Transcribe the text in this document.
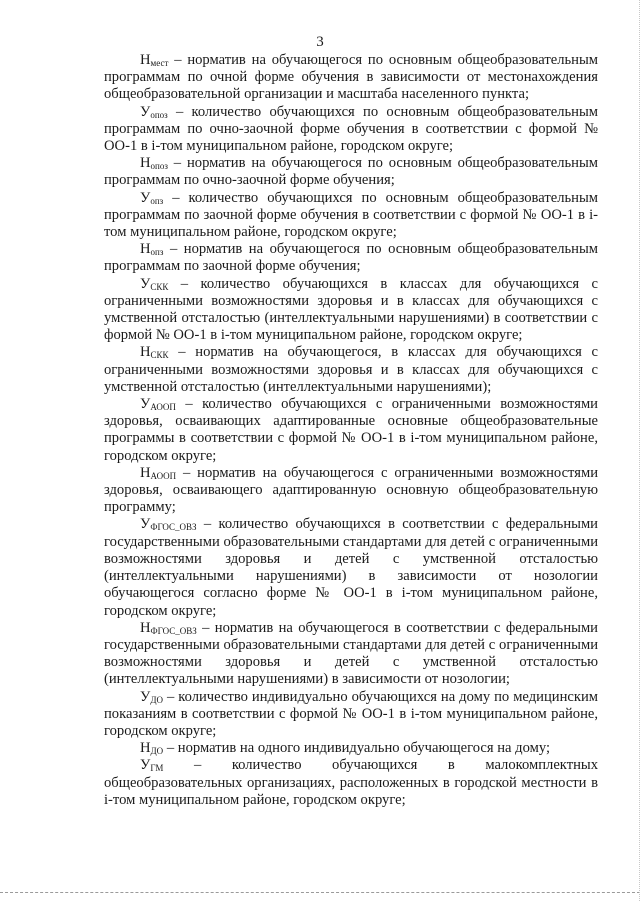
3

$Н_{мест}$ – норматив на обучающегося по основным общеобразовательным программам по очной форме обучения в зависимости от местонахождения общеобразовательной организации и масштаба населенного пункта;

$У_{опоз}$ – количество обучающихся по основным общеобразовательным программам по очно-заочной форме обучения в соответствии с формой № ОО-1 в і-том муниципальном районе, городском округе;

$Н_{опоз}$ – норматив на обучающегося по основным общеобразовательным программам по очно-заочной форме обучения;

$У_{опз}$ – количество обучающихся по основным общеобразовательным программам по заочной форме обучения в соответствии с формой № ОО-1 в і-том муниципальном районе, городском округе;

$Н_{опз}$ – норматив на обучающегося по основным общеобразовательным программам по заочной форме обучения;

$У_{СКК}$ – количество обучающихся в классах для обучающихся с ограниченными возможностями здоровья и в классах для обучающихся с умственной отсталостью (интеллектуальными нарушениями) в соответствии с формой № ОО-1 в і-том муниципальном районе, городском округе;

$Н_{СКК}$ – норматив на обучающегося, в классах для обучающихся с ограниченными возможностями здоровья и в классах для обучающихся с умственной отсталостью (интеллектуальными нарушениями);

$У_{АООП}$ – количество обучающихся с ограниченными возможностями здоровья, осваивающих адаптированные основные общеобразовательные программы в соответствии с формой № ОО-1 в і-том муниципальном районе, городском округе;

$Н_{АООП}$ – норматив на обучающегося с ограниченными возможностями здоровья, осваивающего адаптированную основную общеобразовательную программу;

$У_{ФГОС\_ОВЗ}$ – количество обучающихся в соответствии с федеральными государственными образовательными стандартами для детей с ограниченными возможностями здоровья и детей с умственной отсталостью (интеллектуальными нарушениями) в зависимости от нозологии обучающегося согласно форме № ОО-1 в і-том муниципальном районе, городском округе;

$Н_{ФГОС\_ОВЗ}$ – норматив на обучающегося в соответствии с федеральными государственными образовательными стандартами для детей с ограниченными возможностями здоровья и детей с умственной отсталостью (интеллектуальными нарушениями) в зависимости от нозологии;

$У_{ДО}$ – количество индивидуально обучающихся на дому по медицинским показаниям в соответствии с формой № ОО-1 в і-том муниципальном районе, городском округе;

$Н_{ДО}$ – норматив на одного индивидуально обучающегося на дому;

$У_{ГМ}$ – количество обучающихся в малокомплектных общеобразовательных организациях, расположенных в городской местности в і-том муниципальном районе, городском округе;
